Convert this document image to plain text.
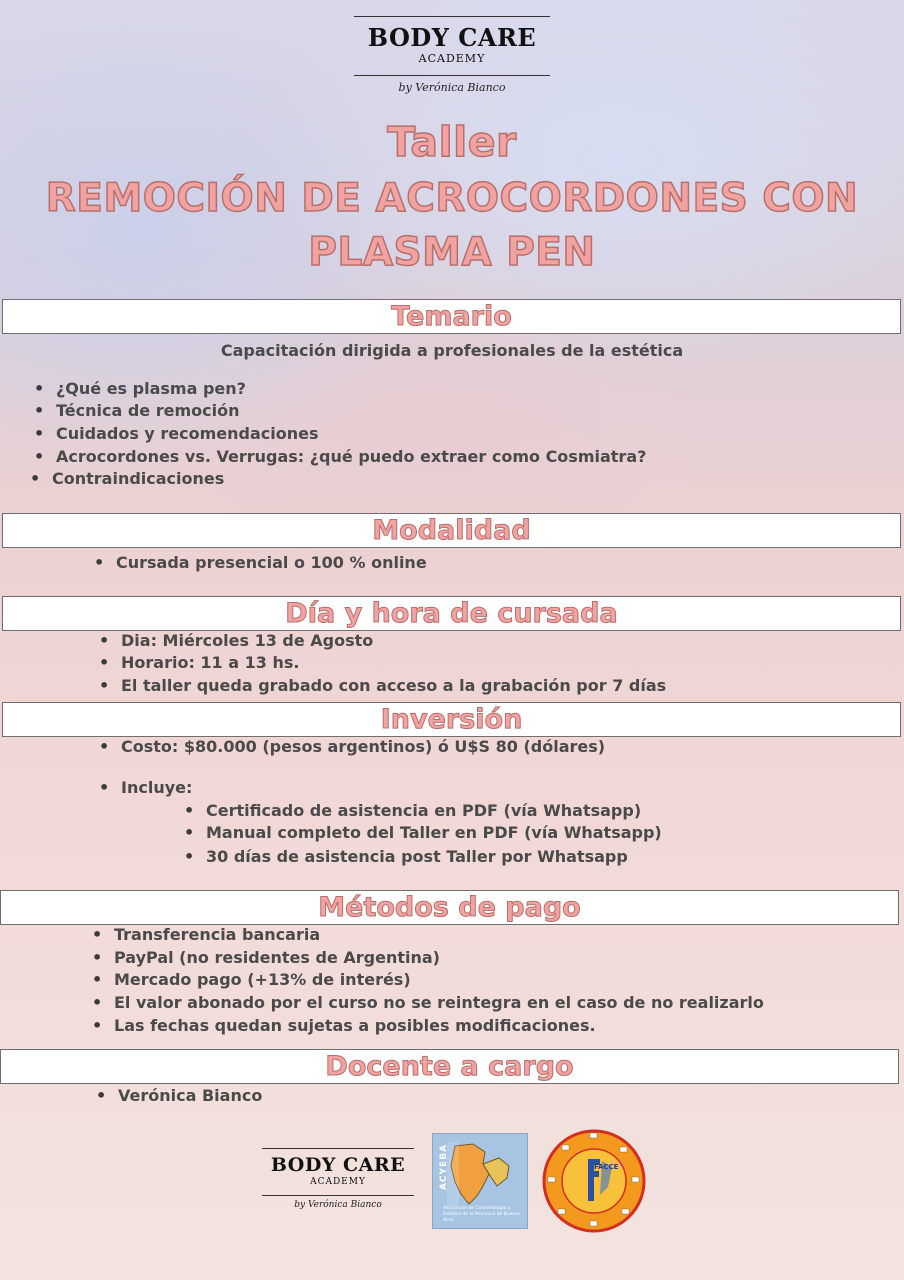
BODY CARE
ACADEMY
by Verónica Bianco
Taller
REMOCIÓN DE ACROCORDONES CON
PLASMA PEN
Temario
Capacitación dirigida a profesionales de la estética
• ¿Qué es plasma pen?
• Técnica de remoción
• Cuidados y recomendaciones
• Acrocordones vs. Verrugas: ¿qué puedo extraer como Cosmiatra?
• Contraindicaciones
Modalidad
• Cursada presencial o 100 % online
Día y hora de cursada
• Dia: Miércoles 13 de Agosto
• Horario: 11 a 13 hs.
• El taller queda grabado con acceso a la grabación por 7 días
Inversión
• Costo: $80.000 (pesos argentinos) ó U$S 80 (dólares)
• Incluye:
• Certificado de asistencia en PDF (vía Whatsapp)
• Manual completo del Taller en PDF (vía Whatsapp)
• 30 días de asistencia post Taller por Whatsapp
Métodos de pago
• Transferencia bancaria
• PayPal (no residentes de Argentina)
• Mercado pago (+13% de interés)
• El valor abonado por el curso no se reintegra en el caso de no realizarlo
• Las fechas quedan sujetas a posibles modificaciones.
Docente a cargo
• Verónica Bianco
BODY CARE
ACADEMY
by Verónica Bianco
ACYEBA
Asociación de Cosmetología y Estética de la Provincia de Buenos Aires
FACCE
